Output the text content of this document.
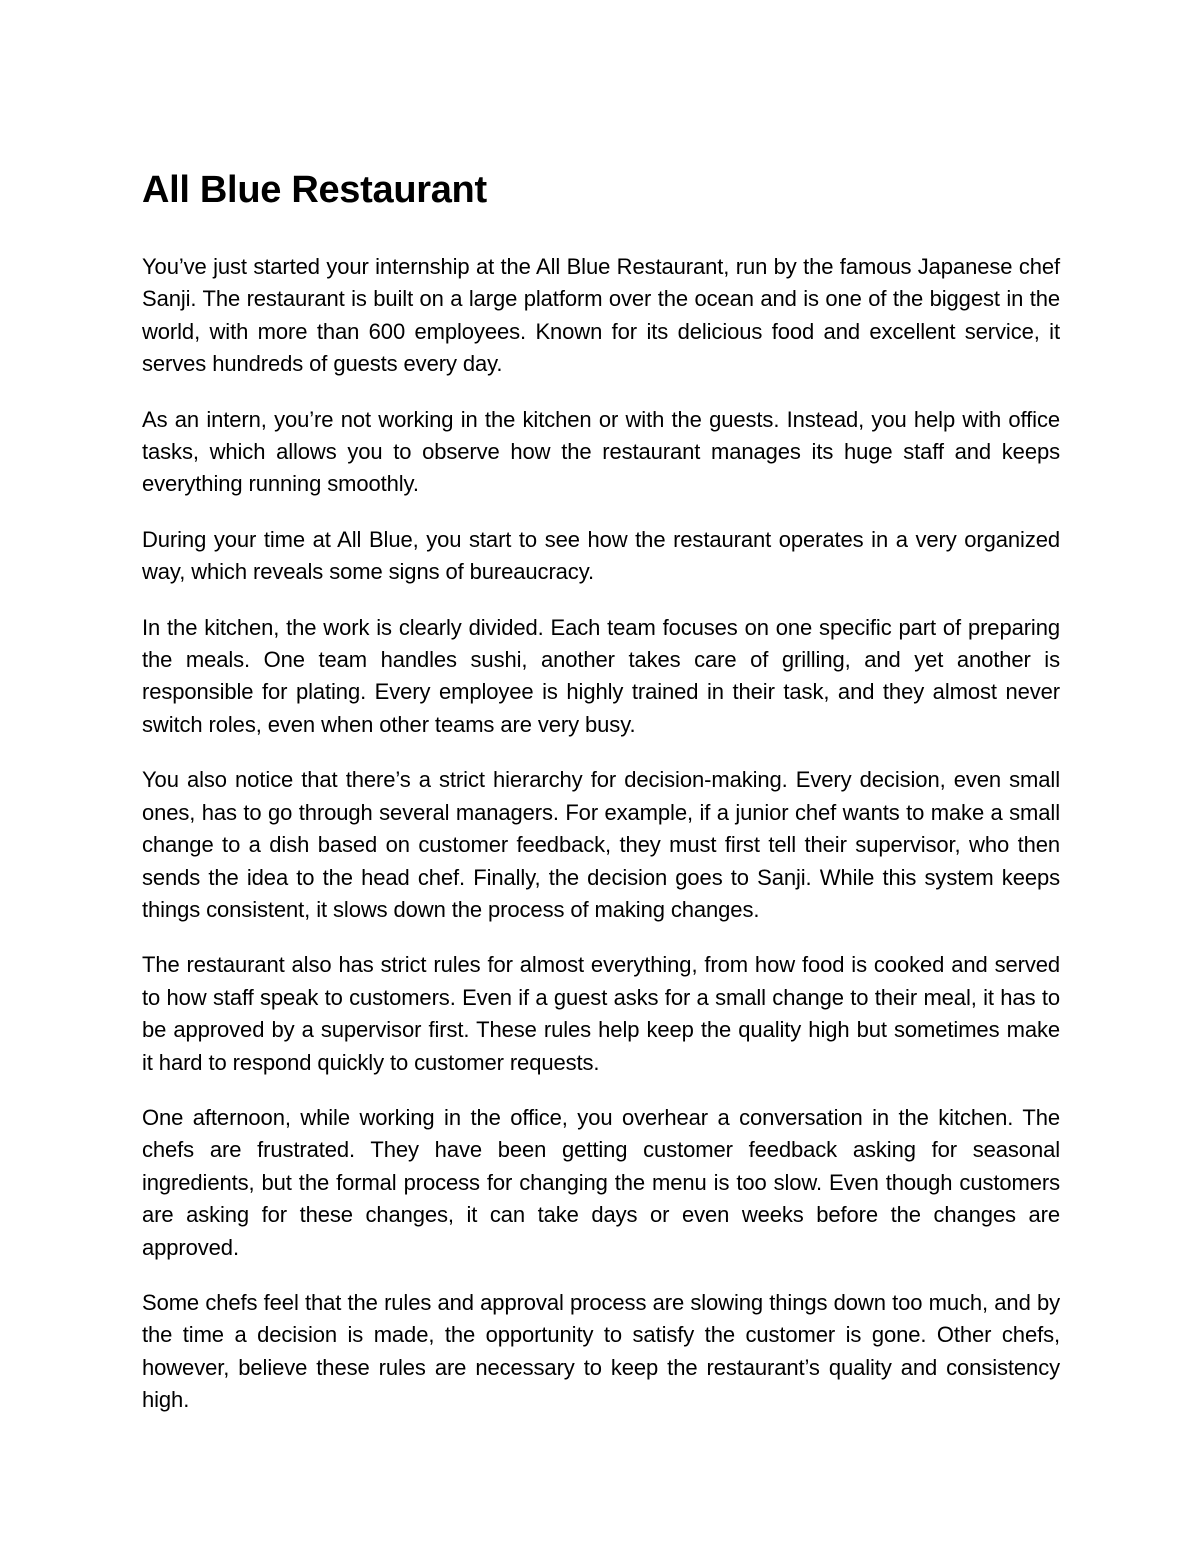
All Blue Restaurant

You’ve just started your internship at the All Blue Restaurant, run by the famous Japanese chef Sanji. The restaurant is built on a large platform over the ocean and is one of the biggest in the world, with more than 600 employees. Known for its delicious food and excellent service, it serves hundreds of guests every day.

As an intern, you’re not working in the kitchen or with the guests. Instead, you help with office tasks, which allows you to observe how the restaurant manages its huge staff and keeps everything running smoothly.

During your time at All Blue, you start to see how the restaurant operates in a very organized way, which reveals some signs of bureaucracy.

In the kitchen, the work is clearly divided. Each team focuses on one specific part of preparing the meals. One team handles sushi, another takes care of grilling, and yet another is responsible for plating. Every employee is highly trained in their task, and they almost never switch roles, even when other teams are very busy.

You also notice that there’s a strict hierarchy for decision-making. Every decision, even small ones, has to go through several managers. For example, if a junior chef wants to make a small change to a dish based on customer feedback, they must first tell their supervisor, who then sends the idea to the head chef. Finally, the decision goes to Sanji. While this system keeps things consistent, it slows down the process of making changes.

The restaurant also has strict rules for almost everything, from how food is cooked and served to how staff speak to customers. Even if a guest asks for a small change to their meal, it has to be approved by a supervisor first. These rules help keep the quality high but sometimes make it hard to respond quickly to customer requests.

One afternoon, while working in the office, you overhear a conversation in the kitchen. The chefs are frustrated. They have been getting customer feedback asking for seasonal ingredients, but the formal process for changing the menu is too slow. Even though customers are asking for these changes, it can take days or even weeks before the changes are approved.

Some chefs feel that the rules and approval process are slowing things down too much, and by the time a decision is made, the opportunity to satisfy the customer is gone. Other chefs, however, believe these rules are necessary to keep the restaurant’s quality and consistency high.
